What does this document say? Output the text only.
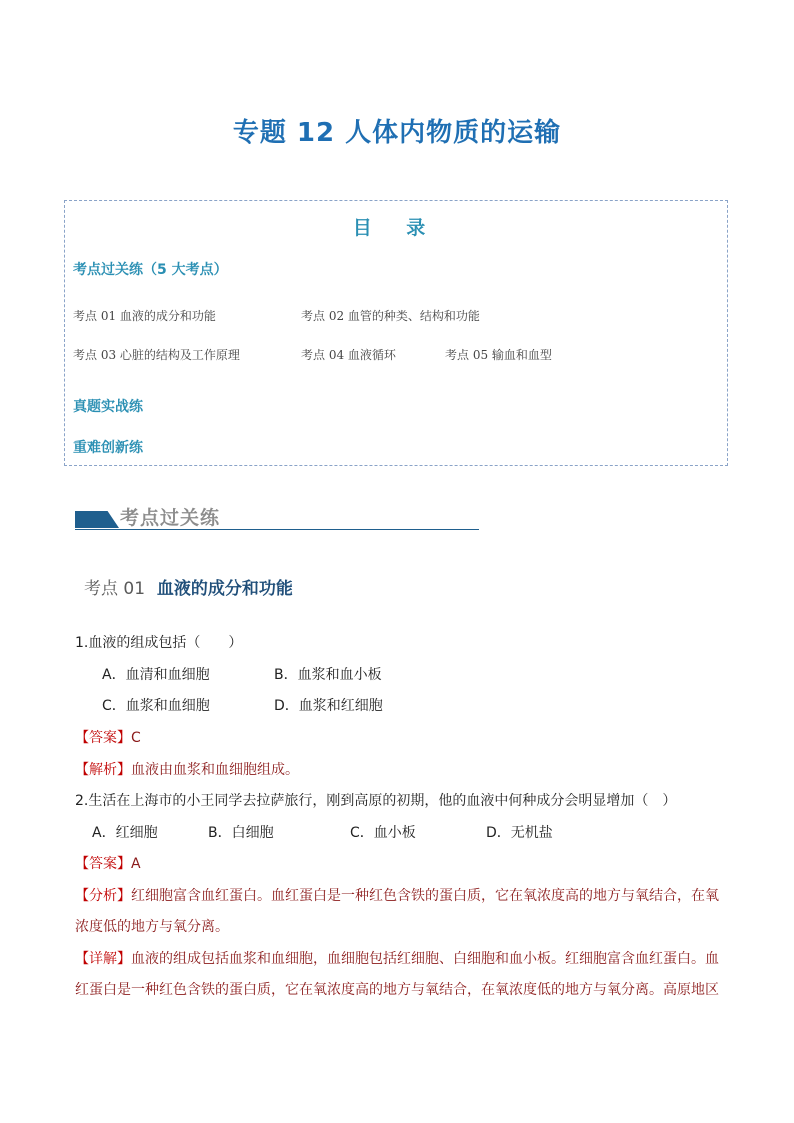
专题 12 人体内物质的运输
目 录
考点过关练（5 大考点）
考点 01 血液的成分和功能	考点 02 血管的种类、结构和功能
考点 03 心脏的结构及工作原理	考点 04 血液循环	考点 05 输血和血型
真题实战练
重难创新练
考点过关练
考点 01 血液的成分和功能
1.血液的组成包括（　　）
A．血清和血细胞	B．血浆和血小板
C．血浆和血细胞	D．血浆和红细胞
【答案】C
【解析】血液由血浆和血细胞组成。
2.生活在上海市的小王同学去拉萨旅行，刚到高原的初期，他的血液中何种成分会明显增加（　）
A．红细胞	B．白细胞	C．血小板	D．无机盐
【答案】A
【分析】红细胞富含血红蛋白。血红蛋白是一种红色含铁的蛋白质，它在氧浓度高的地方与氧结合，在氧
浓度低的地方与氧分离。
【详解】血液的组成包括血浆和血细胞，血细胞包括红细胞、白细胞和血小板。红细胞富含血红蛋白。血
红蛋白是一种红色含铁的蛋白质，它在氧浓度高的地方与氧结合，在氧浓度低的地方与氧分离。高原地区
